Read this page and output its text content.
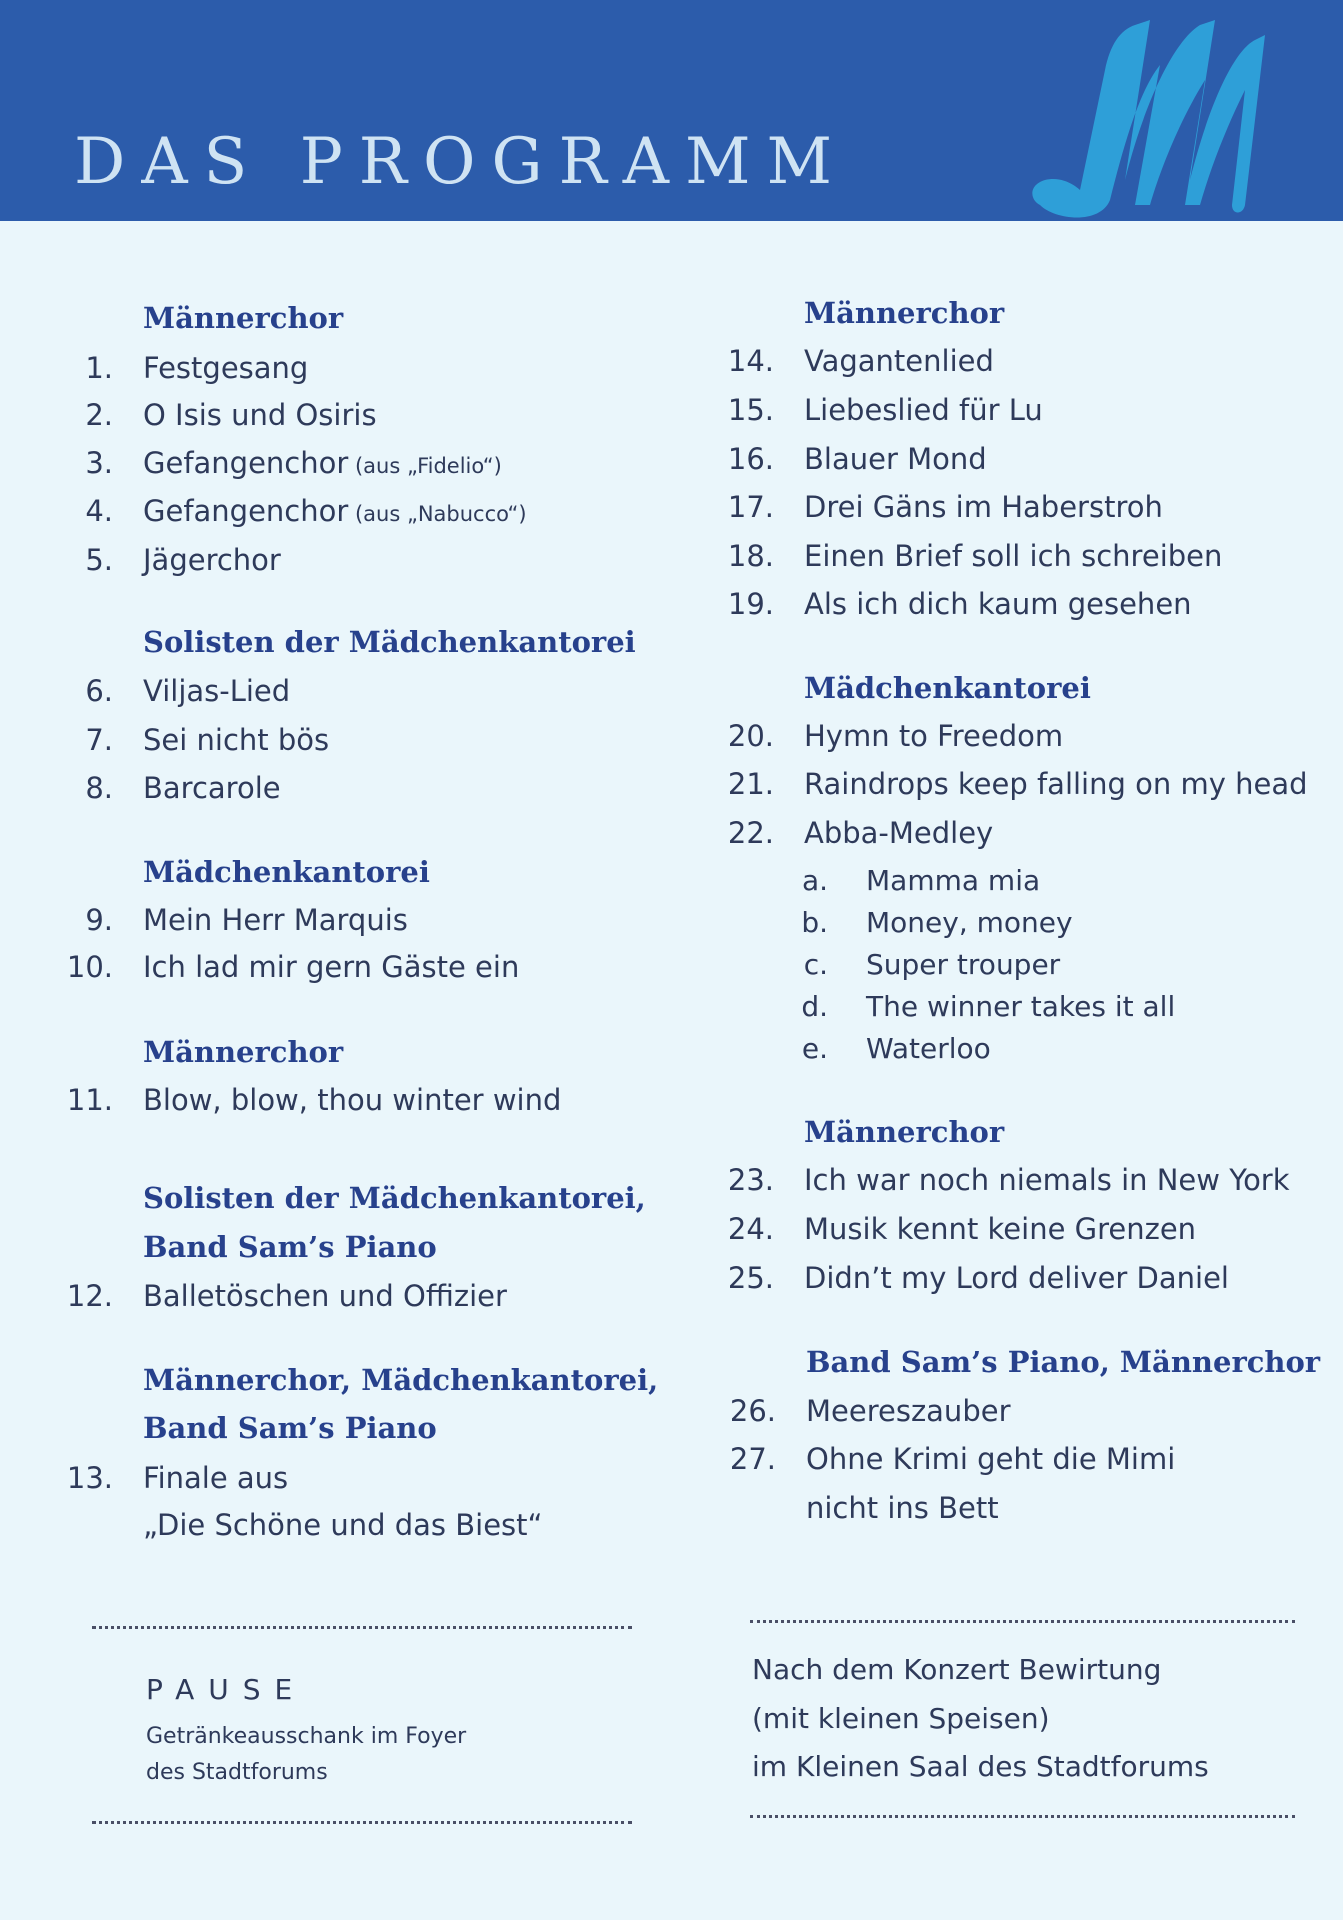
DAS PROGRAMM
Männerchor
1. Festgesang
2. O Isis und Osiris
3. Gefangenchor (aus „Fidelio“)
4. Gefangenchor (aus „Nabucco“)
5. Jägerchor
Solisten der Mädchenkantorei
6. Viljas-Lied
7. Sei nicht bös
8. Barcarole
Mädchenkantorei
9. Mein Herr Marquis
10. Ich lad mir gern Gäste ein
Männerchor
11. Blow, blow, thou winter wind
Solisten der Mädchenkantorei,
Band Sam’s Piano
12. Balletöschen und Offizier
Männerchor, Mädchenkantorei,
Band Sam’s Piano
13. Finale aus
„Die Schöne und das Biest“
PAUSE
Getränkeausschank im Foyer
des Stadtforums
Männerchor
14. Vagantenlied
15. Liebeslied für Lu
16. Blauer Mond
17. Drei Gäns im Haberstroh
18. Einen Brief soll ich schreiben
19. Als ich dich kaum gesehen
Mädchenkantorei
20. Hymn to Freedom
21. Raindrops keep falling on my head
22. Abba-Medley
a. Mamma mia
b. Money, money
c. Super trouper
d. The winner takes it all
e. Waterloo
Männerchor
23. Ich war noch niemals in New York
24. Musik kennt keine Grenzen
25. Didn’t my Lord deliver Daniel
Band Sam’s Piano, Männerchor
26. Meereszauber
27. Ohne Krimi geht die Mimi
nicht ins Bett
Nach dem Konzert Bewirtung
(mit kleinen Speisen)
im Kleinen Saal des Stadtforums
